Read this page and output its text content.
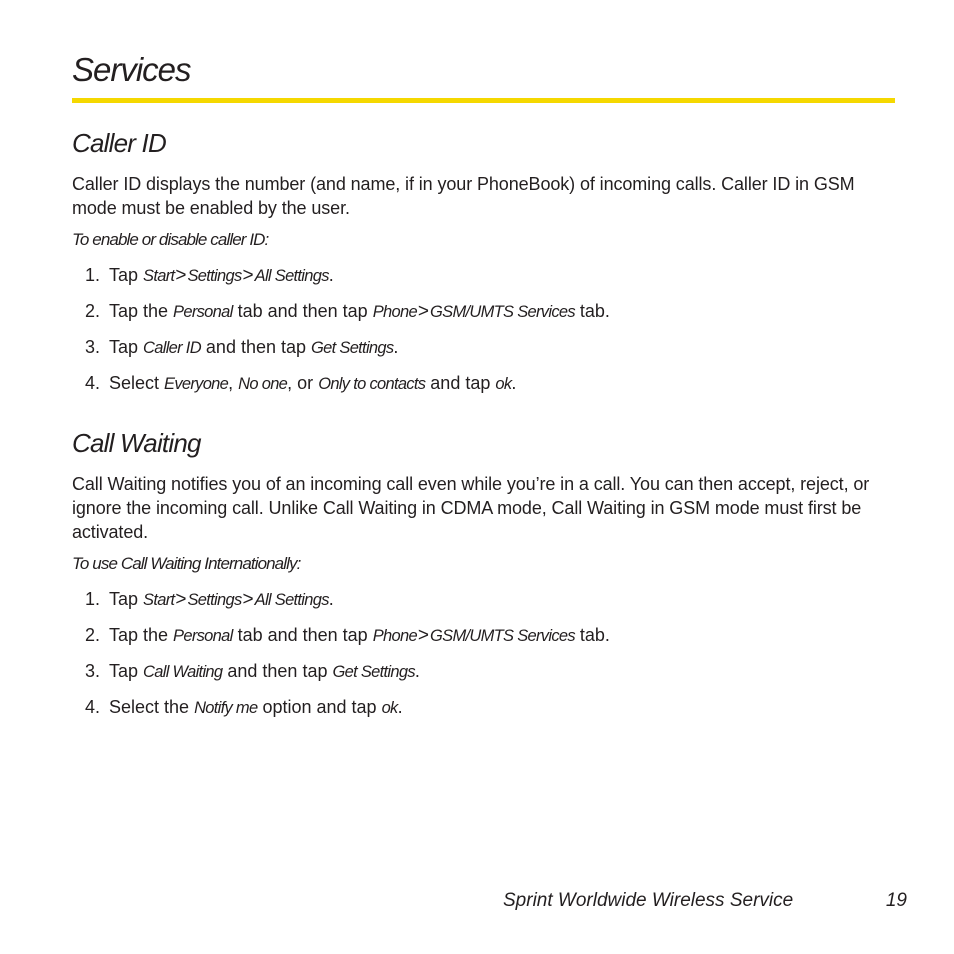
Services
Caller ID

Caller ID displays the number (and name, if in your PhoneBook) of incoming calls. Caller ID in GSM mode must be enabled by the user.

To enable or disable caller ID:

1. Tap Start>Settings>All Settings.
2. Tap the Personal tab and then tap Phone>GSM/UMTS Services tab.
3. Tap Caller ID and then tap Get Settings.
4. Select Everyone, No one, or Only to contacts and tap ok.
Call Waiting

Call Waiting notifies you of an incoming call even while you’re in a call. You can then accept, reject, or ignore the incoming call. Unlike Call Waiting in CDMA mode, Call Waiting in GSM mode must first be activated.

To use Call Waiting Internationally:

1. Tap Start>Settings>All Settings.
2. Tap the Personal tab and then tap Phone>GSM/UMTS Services tab.
3. Tap Call Waiting and then tap Get Settings.
4. Select the Notify me option and tap ok.
Sprint Worldwide Wireless Service	19
